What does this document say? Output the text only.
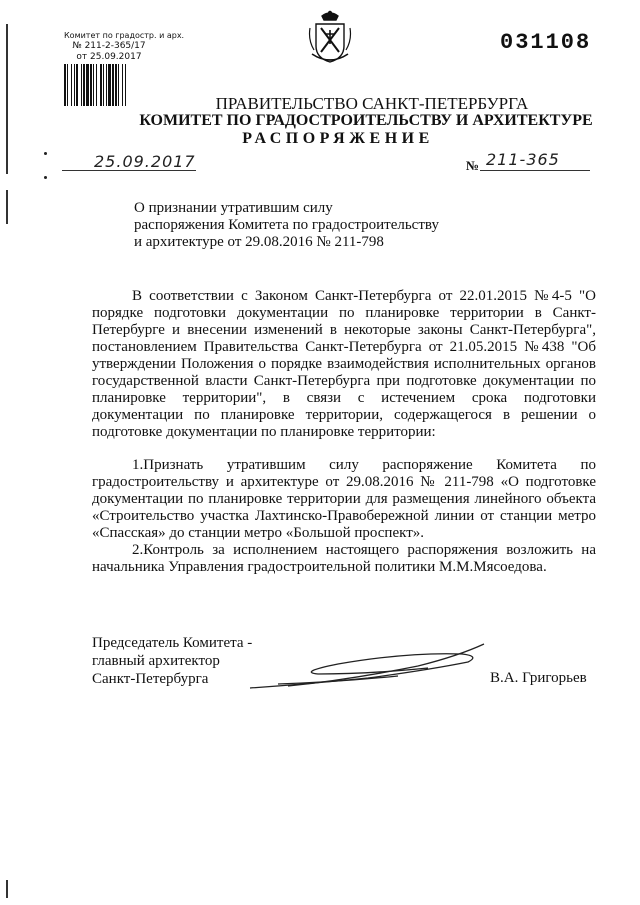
Комитет по градостр. и арх.
№ 211-2-365/17
от 25.09.2017
031108
ПРАВИТЕЛЬСТВО САНКТ-ПЕТЕРБУРГА
КОМИТЕТ ПО ГРАДОСТРОИТЕЛЬСТВУ И АРХИТЕКТУРЕ
РАСПОРЯЖЕНИЕ
25.09.2017	№ 211-365
О признании утратившим силу
распоряжения Комитета по градостроительству
и архитектуре от 29.08.2016 № 211-798

В соответствии с Законом Санкт-Петербурга от 22.01.2015 №4-5 "О порядке подготовки документации по планировке территории в Санкт-Петербурге и внесении изменений в некоторые законы Санкт-Петербурга", постановлением Правительства Санкт-Петербурга от 21.05.2015 №438 "Об утверждении Положения о порядке взаимодействия исполнительных органов государственной власти Санкт-Петербурга при подготовке документации по планировке территории", в связи с истечением срока подготовки документации по планировке территории, содержащегося в решении о подготовке документации по планировке территории:

1.Признать утратившим силу распоряжение Комитета по градостроительству и архитектуре от 29.08.2016 № 211-798 «О подготовке документации по планировке территории для размещения линейного объекта «Строительство участка Лахтинско-Правобережной линии от станции метро «Спасская» до станции метро «Большой проспект».

2.Контроль за исполнением настоящего распоряжения возложить на начальника Управления градостроительной политики М.М.Мясоедова.

Председатель Комитета -
главный архитектор
Санкт-Петербурга	В.А. Григорьев
